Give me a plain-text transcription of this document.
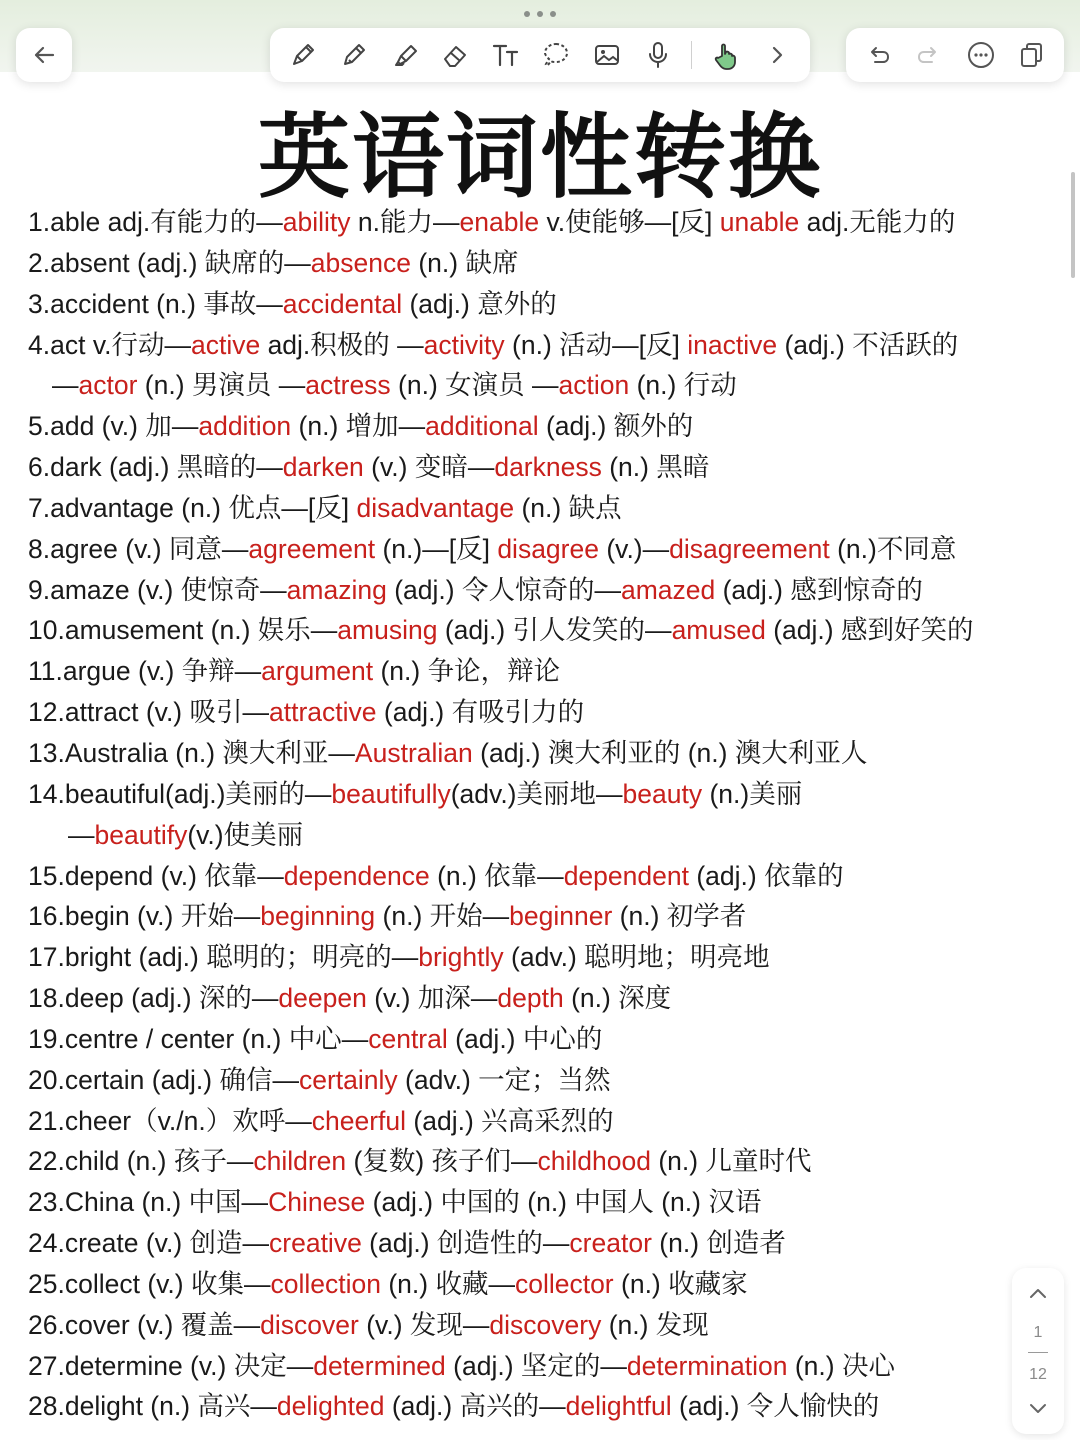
英语词性转换
1.able adj.有能力的—ability n.能力—enable v.使能够—[反] unable adj.无能力的
2.absent (adj.) 缺席的—absence (n.) 缺席
3.accident (n.) 事故—accidental (adj.) 意外的
4.act v.行动—active adj.积极的 —activity (n.) 活动—[反] inactive (adj.) 不活跃的
—actor (n.) 男演员 —actress (n.) 女演员 —action (n.) 行动
5.add (v.) 加—addition (n.) 增加—additional (adj.) 额外的
6.dark (adj.) 黑暗的—darken (v.) 变暗—darkness (n.) 黑暗
7.advantage (n.) 优点—[反] disadvantage (n.) 缺点
8.agree (v.) 同意—agreement (n.)—[反] disagree (v.)—disagreement (n.)不同意
9.amaze (v.) 使惊奇—amazing (adj.) 令人惊奇的—amazed (adj.) 感到惊奇的
10.amusement (n.) 娱乐—amusing (adj.) 引人发笑的—amused (adj.) 感到好笑的
11.argue (v.) 争辩—argument (n.) 争论，辩论
12.attract (v.) 吸引—attractive (adj.) 有吸引力的
13.Australia (n.) 澳大利亚—Australian (adj.) 澳大利亚的 (n.) 澳大利亚人
14.beautiful(adj.)美丽的—beautifully(adv.)美丽地—beauty (n.)美丽
—beautify(v.)使美丽
15.depend (v.) 依靠—dependence (n.) 依靠—dependent (adj.) 依靠的
16.begin (v.) 开始—beginning (n.) 开始—beginner (n.) 初学者
17.bright (adj.) 聪明的；明亮的—brightly (adv.) 聪明地；明亮地
18.deep (adj.) 深的—deepen (v.) 加深—depth (n.) 深度
19.centre / center (n.) 中心—central (adj.) 中心的
20.certain (adj.) 确信—certainly (adv.) 一定；当然
21.cheer（v./n.）欢呼—cheerful (adj.) 兴高采烈的
22.child (n.) 孩子—children (复数) 孩子们—childhood (n.) 儿童时代
23.China (n.) 中国—Chinese (adj.) 中国的 (n.) 中国人 (n.) 汉语
24.create (v.) 创造—creative (adj.) 创造性的—creator (n.) 创造者
25.collect (v.) 收集—collection (n.) 收藏—collector (n.) 收藏家
26.cover (v.) 覆盖—discover (v.) 发现—discovery (n.) 发现
27.determine (v.) 决定—determined (adj.) 坚定的—determination (n.) 决心
28.delight (n.) 高兴—delighted (adj.) 高兴的—delightful (adj.) 令人愉快的
1
12
